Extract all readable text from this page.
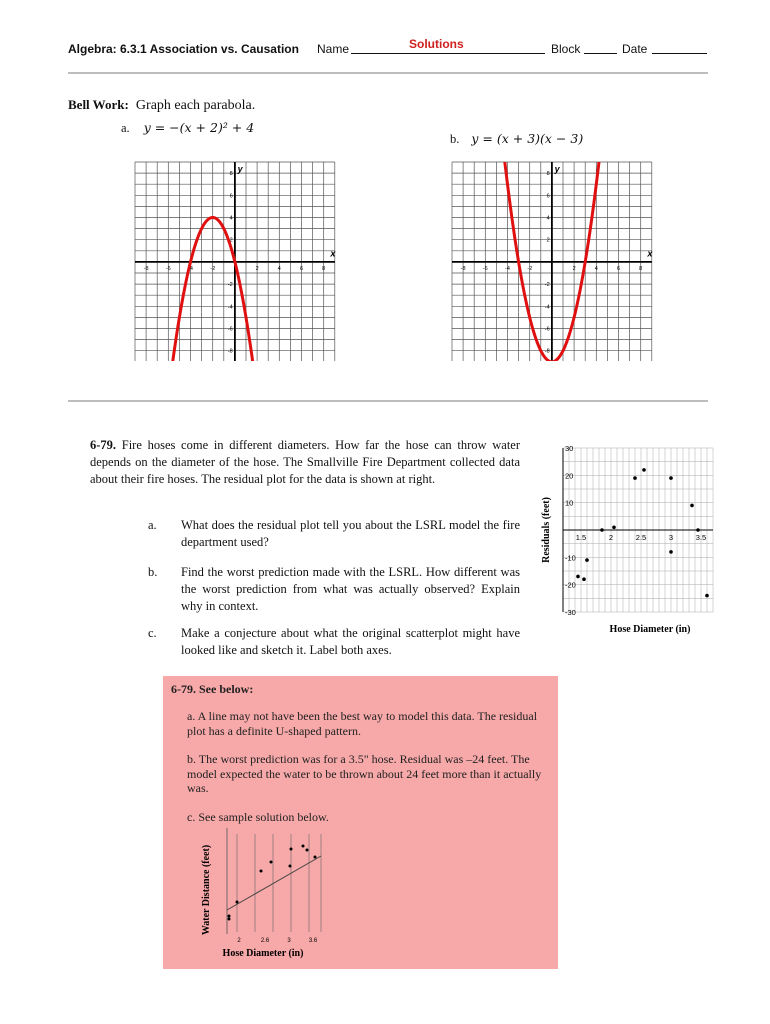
Algebra: 6.3.1 Association vs. Causation Name	Solutions	Block	Date
Bell Work: Graph each parabola.
a. y = −(x + 2)² + 4
b. y = (x + 3)(x − 3)
x
y
-8	-6	-4	-2	2	4	6	8
8
6
4
2
-2
-4
-6
-8
x
y
-8	-6	-4	-2	2	4	6	8
8
6
4
2
-2
-4
-6
-8
6-79. Fire hoses come in different diameters. How far the hose can throw water depends on the diameter of the hose. The Smallville Fire Department collected data about their fire hoses. The residual plot for the data is shown at right.
a. What does the residual plot tell you about the LSRL model the fire department used?
b. Find the worst prediction made with the LSRL. How different was the worst prediction from what was actually observed? Explain why in context.
c. Make a conjecture about what the original scatterplot might have looked like and sketch it. Label both axes.
30
20
10
-10
-20
-30
1.5	2	2.5	3	3.5
Residuals (feet)
Hose Diameter (in)
6-79. See below:
a. A line may not have been the best way to model this data. The residual plot has a definite U-shaped pattern.
b. The worst prediction was for a 3.5" hose. Residual was –24 feet. The model expected the water to be thrown about 24 feet more than it actually was.
c. See sample solution below.
2	2.6	3	3.6
Water Distance (feet)
Hose Diameter (in)
